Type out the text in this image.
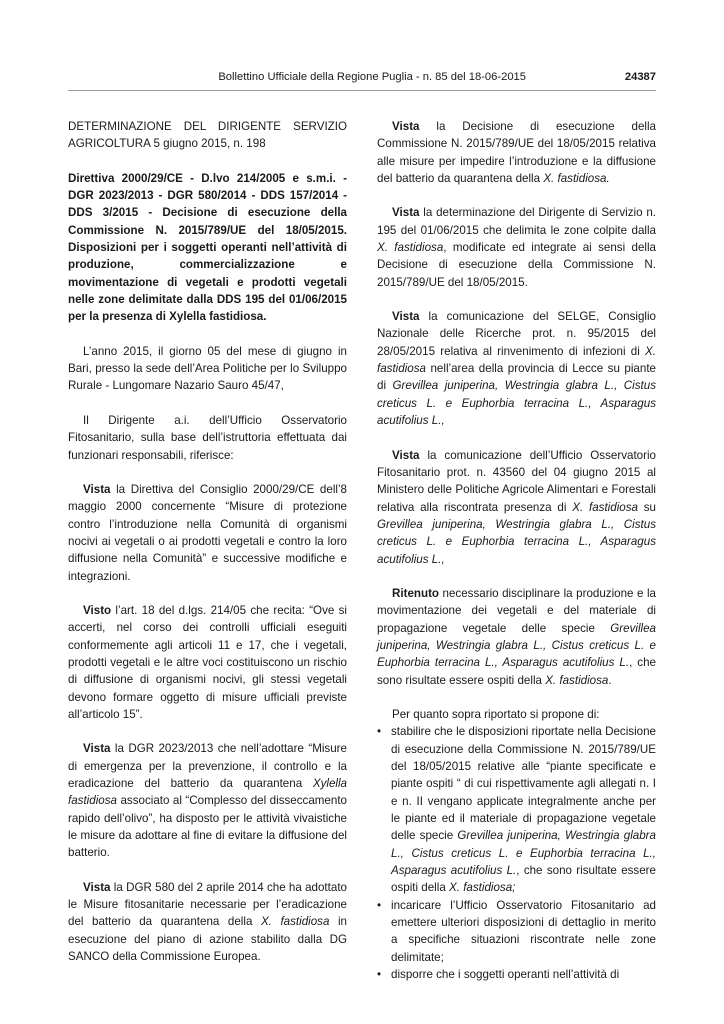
Bollettino Ufficiale della Regione Puglia - n. 85 del 18-06-2015	24387

DETERMINAZIONE DEL DIRIGENTE SERVIZIO AGRICOLTURA 5 giugno 2015, n. 198

Direttiva 2000/29/CE - D.lvo 214/2005 e s.m.i. - DGR 2023/2013 - DGR 580/2014 - DDS 157/2014 - DDS 3/2015 - Decisione di esecuzione della Commissione N. 2015/789/UE del 18/05/2015. Disposizioni per i soggetti operanti nell’attività di produzione, commercializzazione e movimentazione di vegetali e prodotti vegetali nelle zone delimitate dalla DDS 195 del 01/06/2015 per la presenza di Xylella fastidiosa.

L’anno 2015, il giorno 05 del mese di giugno in Bari, presso la sede dell’Area Politiche per lo Sviluppo Rurale - Lungomare Nazario Sauro 45/47,

Il Dirigente a.i. dell’Ufficio Osservatorio Fitosanitario, sulla base dell’istruttoria effettuata dai funzionari responsabili, riferisce:

Vista la Direttiva del Consiglio 2000/29/CE dell’8 maggio 2000 concernente “Misure di protezione contro l’introduzione nella Comunità di organismi nocivi ai vegetali o ai prodotti vegetali e contro la loro diffusione nella Comunità” e successive modifiche e integrazioni.

Visto l’art. 18 del d.lgs. 214/05 che recita: “Ove si accerti, nel corso dei controlli ufficiali eseguiti conformemente agli articoli 11 e 17, che i vegetali, prodotti vegetali e le altre voci costituiscono un rischio di diffusione di organismi nocivi, gli stessi vegetali devono formare oggetto di misure ufficiali previste all’articolo 15”.

Vista la DGR 2023/2013 che nell’adottare “Misure di emergenza per la prevenzione, il controllo e la eradicazione del batterio da quarantena Xylella fastidiosa associato al “Complesso del disseccamento rapido dell’olivo”, ha disposto per le attività vivaistiche le misure da adottare al fine di evitare la diffusione del batterio.

Vista la DGR 580 del 2 aprile 2014 che ha adottato le Misure fitosanitarie necessarie per l’eradicazione del batterio da quarantena della X. fastidiosa in esecuzione del piano di azione stabilito dalla DG SANCO della Commissione Europea.

Vista la Decisione di esecuzione della Commissione N. 2015/789/UE del 18/05/2015 relativa alle misure per impedire l’introduzione e la diffusione del batterio da quarantena della X. fastidiosa.

Vista la determinazione del Dirigente di Servizio n. 195 del 01/06/2015 che delimita le zone colpite dalla X. fastidiosa, modificate ed integrate ai sensi della Decisione di esecuzione della Commissione N. 2015/789/UE del 18/05/2015.

Vista la comunicazione del SELGE, Consiglio Nazionale delle Ricerche prot. n. 95/2015 del 28/05/2015 relativa al rinvenimento di infezioni di X. fastidiosa nell’area della provincia di Lecce su piante di Grevillea juniperina, Westringia glabra L., Cistus creticus L. e Euphorbia terracina L., Asparagus acutifolius L.,

Vista la comunicazione dell’Ufficio Osservatorio Fitosanitario prot. n. 43560 del 04 giugno 2015 al Ministero delle Politiche Agricole Alimentari e Forestali relativa alla riscontrata presenza di X. fastidiosa su Grevillea juniperina, Westringia glabra L., Cistus creticus L. e Euphorbia terracina L., Asparagus acutifolius L.,

Ritenuto necessario disciplinare la produzione e la movimentazione dei vegetali e del materiale di propagazione vegetale delle specie Grevillea juniperina, Westringia glabra L., Cistus creticus L. e Euphorbia terracina L., Asparagus acutifolius L., che sono risultate essere ospiti della X. fastidiosa.

Per quanto sopra riportato si propone di:

• stabilire che le disposizioni riportate nella Decisione di esecuzione della Commissione N. 2015/789/UE del 18/05/2015 relative alle “piante specificate e piante ospiti “ di cui rispettivamente agli allegati n. I e n. II vengano applicate integralmente anche per le piante ed il materiale di propagazione vegetale delle specie Grevillea juniperina, Westringia glabra L., Cistus creticus L. e Euphorbia terracina L., Asparagus acutifolius L., che sono risultate essere ospiti della X. fastidiosa;
• incaricare l’Ufficio Osservatorio Fitosanitario ad emettere ulteriori disposizioni di dettaglio in merito a specifiche situazioni riscontrate nelle zone delimitate;
• disporre che i soggetti operanti nell’attività di
